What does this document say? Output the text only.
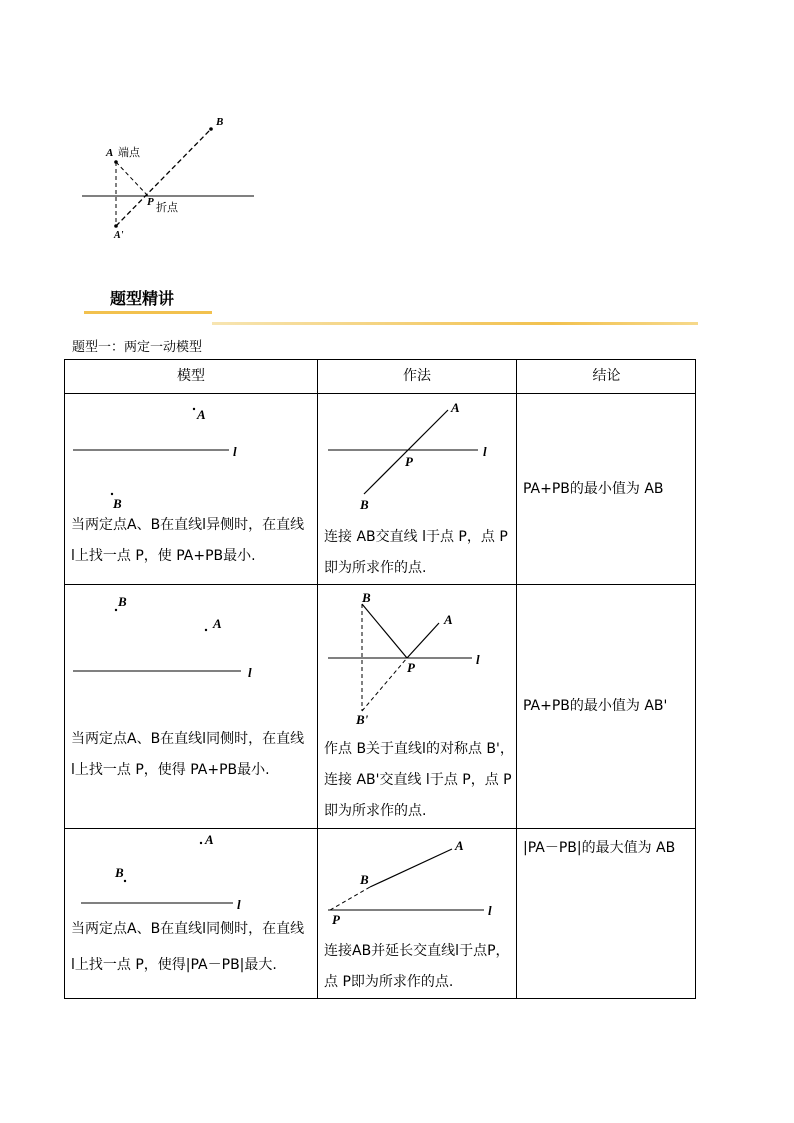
B
A 端点
P 折点
A'
题型精讲
题型一：两定一动模型
模型	作法	结论
A
l
B
当两定点A、B在直线l异侧时，在直线
l上找一点 P，使 PA+PB最小.
A
l
P
B
连接 AB交直线 l于点 P，点 P
即为所求作的点.
PA+PB的最小值为 AB
B
A
l
当两定点A、B在直线l同侧时，在直线
l上找一点 P，使得 PA+PB最小.
B
A
l
P
B'
作点 B关于直线l的对称点 B'，
连接 AB'交直线 l于点 P，点 P
即为所求作的点.
PA+PB的最小值为 AB'
A
B
l
当两定点A、B在直线l同侧时，在直线
l上找一点 P，使得|PA－PB|最大.
A
B
l
P
连接AB并延长交直线l于点P，
点 P即为所求作的点.
|PA－PB|的最大值为 AB
